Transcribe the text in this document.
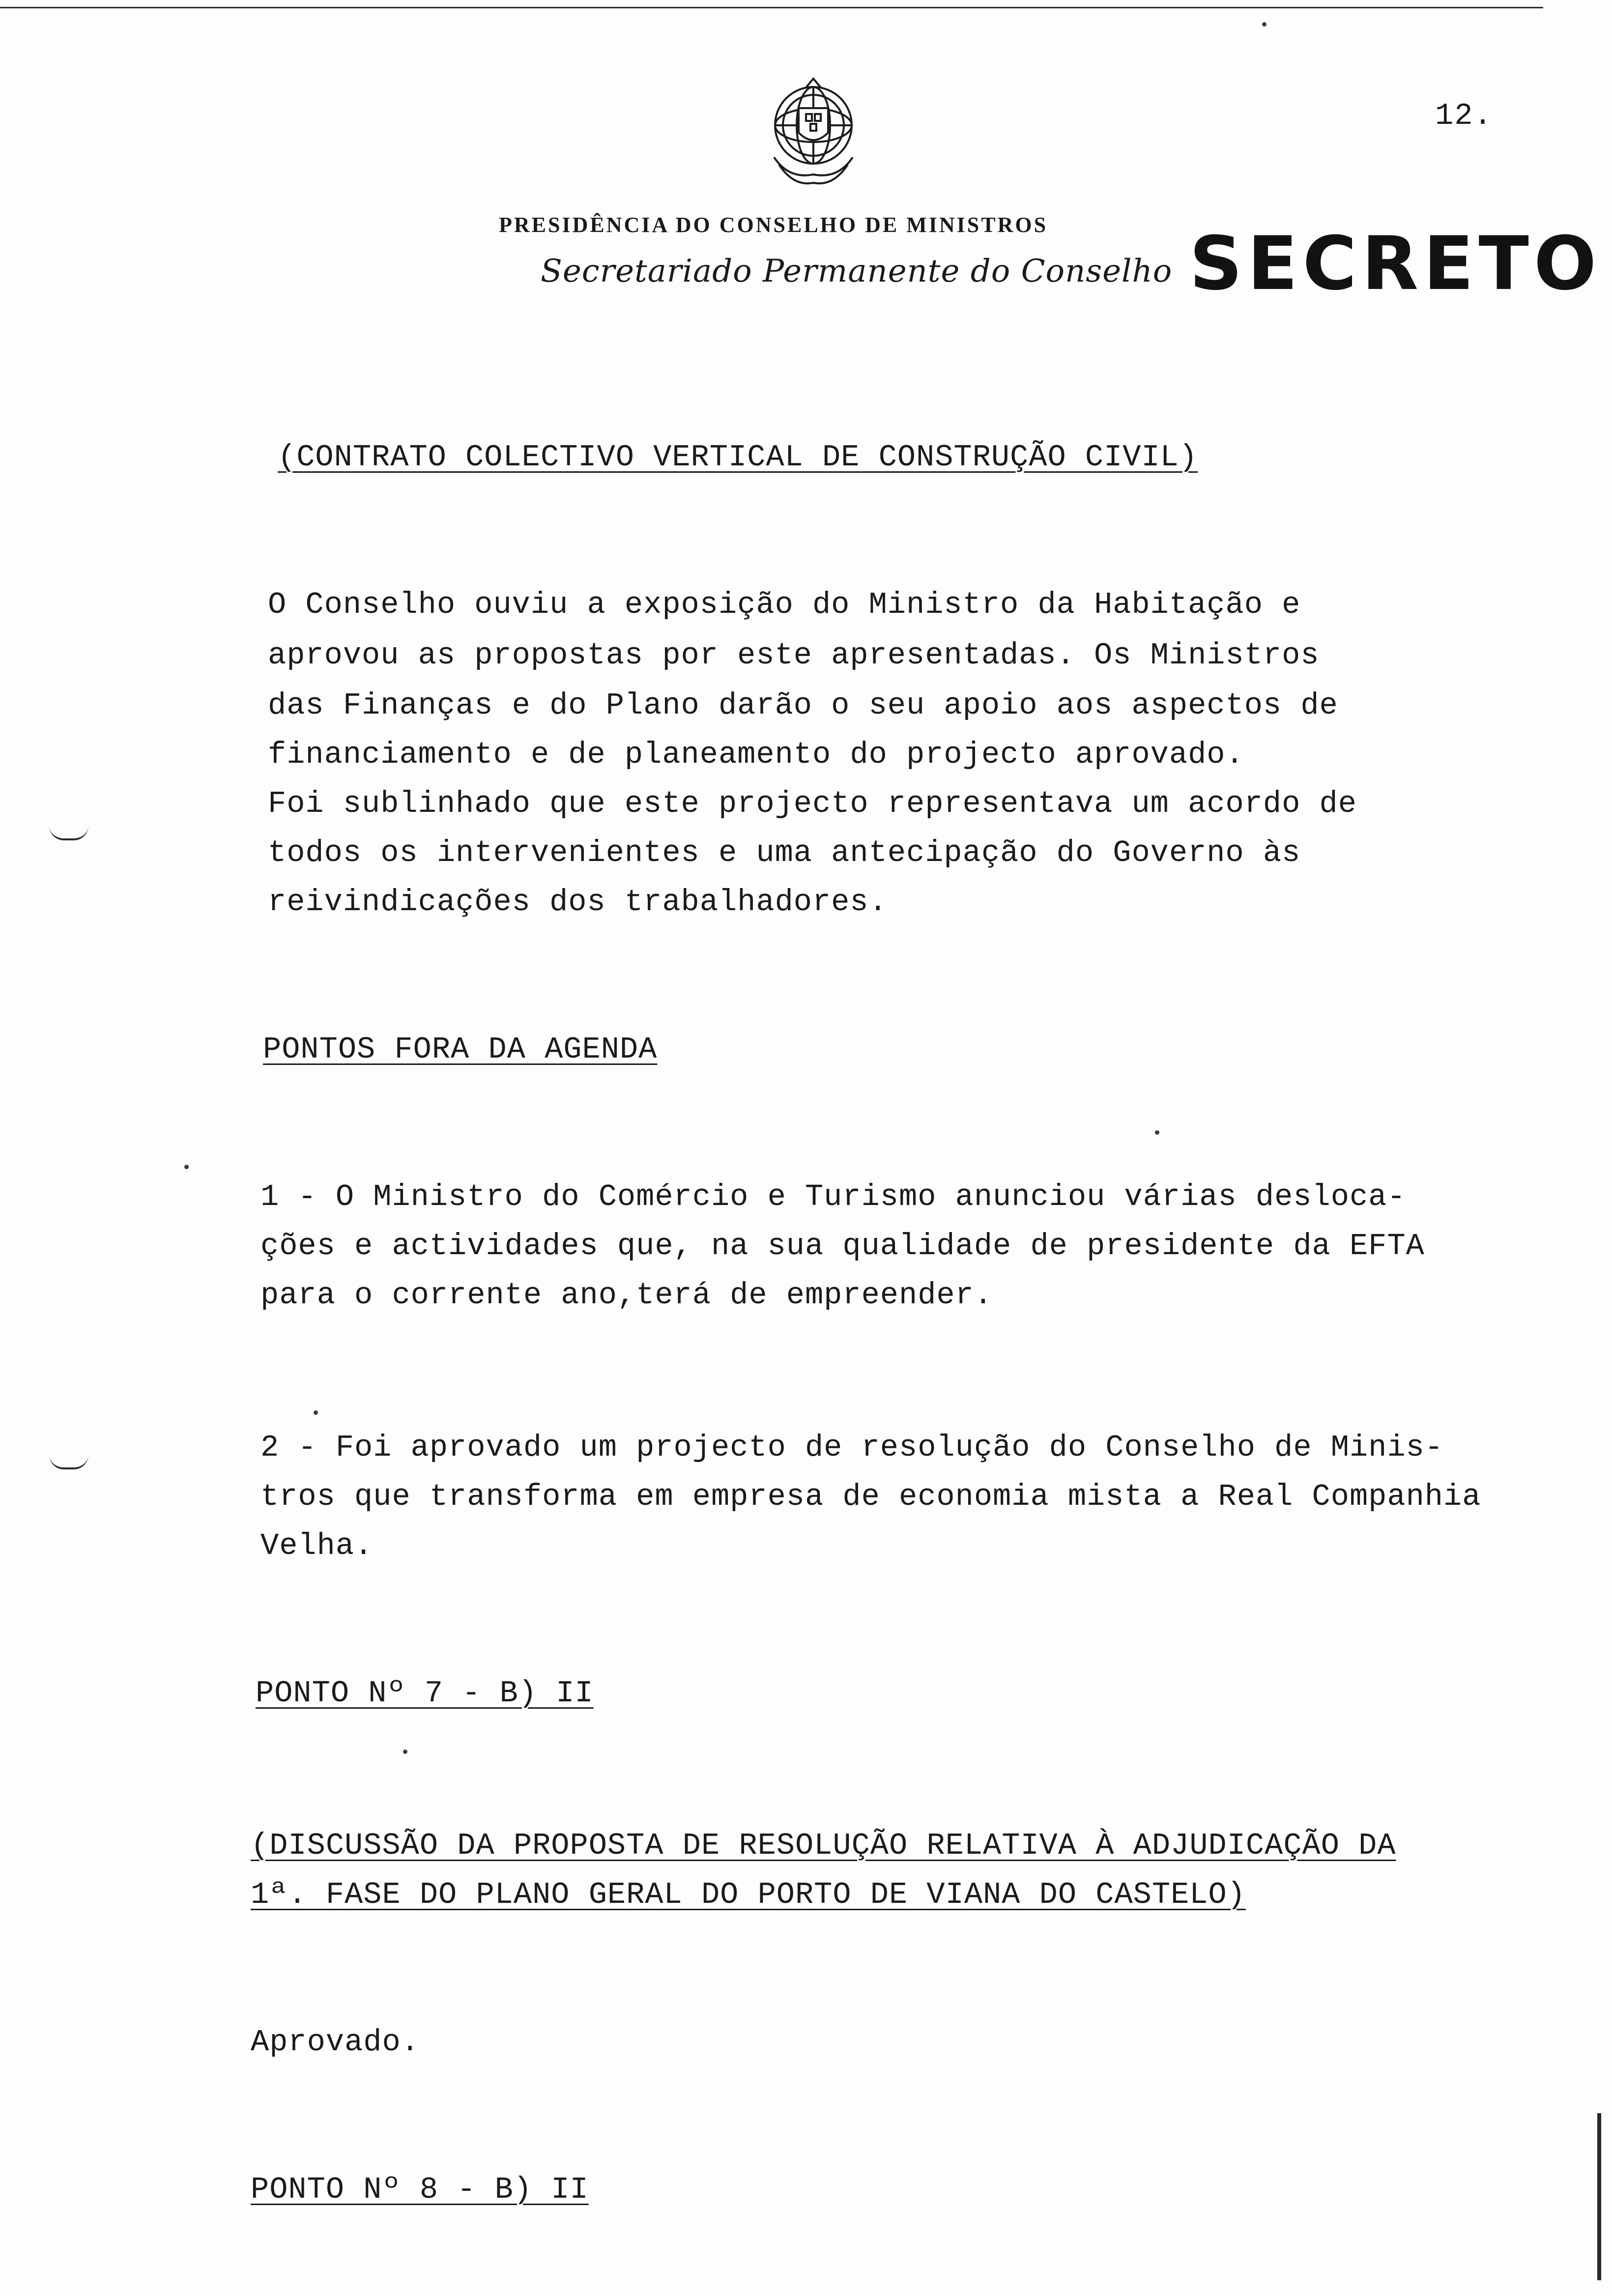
12.
PRESIDÊNCIA DO CONSELHO DE MINISTROS
Secretariado Permanente do Conselho SECRETO
(CONTRATO COLECTIVO VERTICAL DE CONSTRUÇÃO CIVIL)
O Conselho ouviu a exposição do Ministro da Habitação e
aprovou as propostas por este apresentadas. Os Ministros
das Finanças e do Plano darão o seu apoio aos aspectos de
financiamento e de planeamento do projecto aprovado.
Foi sublinhado que este projecto representava um acordo de
todos os intervenientes e uma antecipação do Governo às
reivindicações dos trabalhadores.
PONTOS FORA DA AGENDA
1 - O Ministro do Comércio e Turismo anunciou várias desloca-
ções e actividades que, na sua qualidade de presidente da EFTA
para o corrente ano,terá de empreender.
2 - Foi aprovado um projecto de resolução do Conselho de Minis-
tros que transforma em empresa de economia mista a Real Companhia
Velha.
PONTO Nº 7 - B) II
(DISCUSSÃO DA PROPOSTA DE RESOLUÇÃO RELATIVA À ADJUDICAÇÃO DA
1ª. FASE DO PLANO GERAL DO PORTO DE VIANA DO CASTELO)
Aprovado.
PONTO Nº 8 - B) II
